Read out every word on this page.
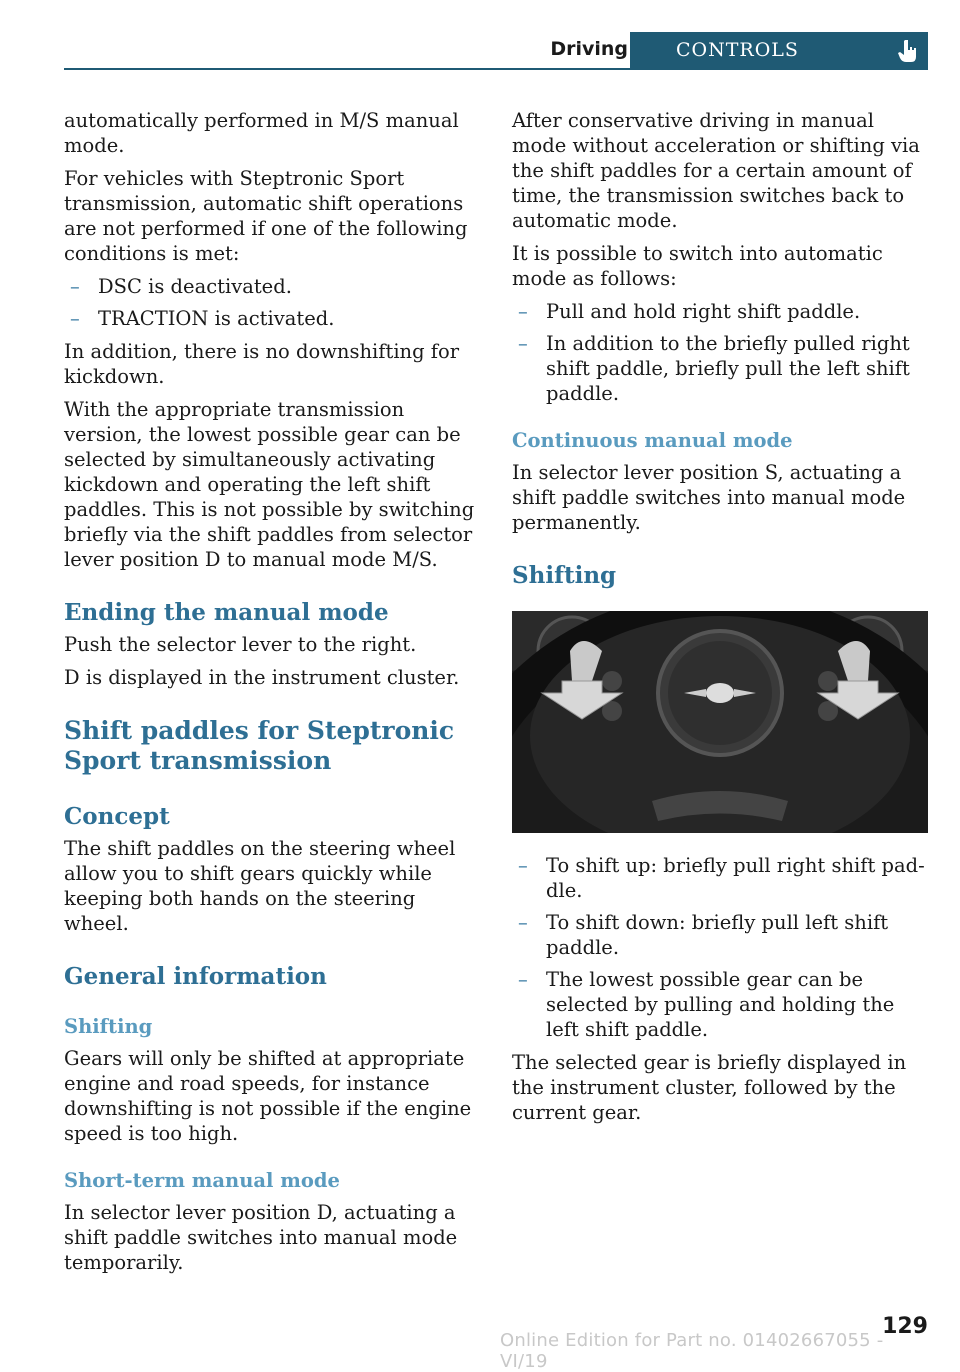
Driving	CONTROLS

automatically performed in M/S manual mode.

For vehicles with Steptronic Sport transmission, automatic shift operations are not performed if one of the following conditions is met:

– DSC is deactivated.
– TRACTION is activated.

In addition, there is no downshifting for kickdown.

With the appropriate transmission version, the lowest possible gear can be selected by simultaneously activating kickdown and operating the left shift paddles. This is not possible by switching briefly via the shift paddles from selector lever position D to manual mode M/S.

Ending the manual mode

Push the selector lever to the right.

D is displayed in the instrument cluster.

Shift paddles for Steptronic Sport transmission
Concept

The shift paddles on the steering wheel allow you to shift gears quickly while keeping both hands on the steering wheel.

General information
Shifting

Gears will only be shifted at appropriate engine and road speeds, for instance downshifting is not possible if the engine speed is too high.

Short-term manual mode

In selector lever position D, actuating a shift paddle switches into manual mode temporarily.

After conservative driving in manual mode without acceleration or shifting via the shift paddles for a certain amount of time, the transmission switches back to automatic mode.

It is possible to switch into automatic mode as follows:

– Pull and hold right shift paddle.
– In addition to the briefly pulled right shift paddle, briefly pull the left shift paddle.
Continuous manual mode

In selector lever position S, actuating a shift paddle switches into manual mode permanently.

Shifting
– To shift up: briefly pull right shift paddle.
– To shift down: briefly pull left shift paddle.
– The lowest possible gear can be selected by pulling and holding the left shift paddle.

The selected gear is briefly displayed in the instrument cluster, followed by the current gear.

Online Edition for Part no. 01402667055 - VI/19
129
